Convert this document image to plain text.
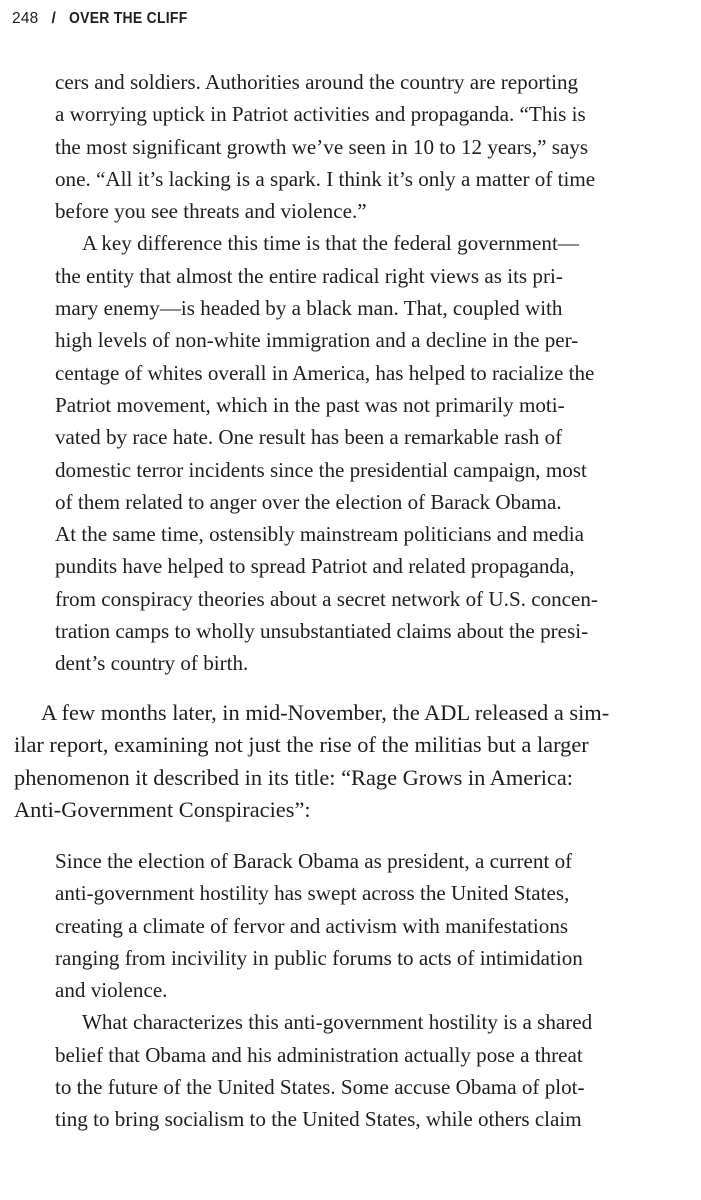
248 / OVER THE CLIFF
cers and soldiers. Authorities around the country are reporting
a worrying uptick in Patriot activities and propaganda. “This is
the most significant growth we’ve seen in 10 to 12 years,” says
one. “All it’s lacking is a spark. I think it’s only a matter of time
before you see threats and violence.”
A key difference this time is that the federal government—
the entity that almost the entire radical right views as its pri-
mary enemy—is headed by a black man. That, coupled with
high levels of non-white immigration and a decline in the per-
centage of whites overall in America, has helped to racialize the
Patriot movement, which in the past was not primarily moti-
vated by race hate. One result has been a remarkable rash of
domestic terror incidents since the presidential campaign, most
of them related to anger over the election of Barack Obama.
At the same time, ostensibly mainstream politicians and media
pundits have helped to spread Patriot and related propaganda,
from conspiracy theories about a secret network of U.S. concen-
tration camps to wholly unsubstantiated claims about the presi-
dent’s country of birth.
A few months later, in mid-November, the ADL released a sim-
ilar report, examining not just the rise of the militias but a larger
phenomenon it described in its title: “Rage Grows in America:
Anti-Government Conspiracies”:
Since the election of Barack Obama as president, a current of
anti-government hostility has swept across the United States,
creating a climate of fervor and activism with manifestations
ranging from incivility in public forums to acts of intimidation
and violence.
What characterizes this anti-government hostility is a shared
belief that Obama and his administration actually pose a threat
to the future of the United States. Some accuse Obama of plot-
ting to bring socialism to the United States, while others claim
